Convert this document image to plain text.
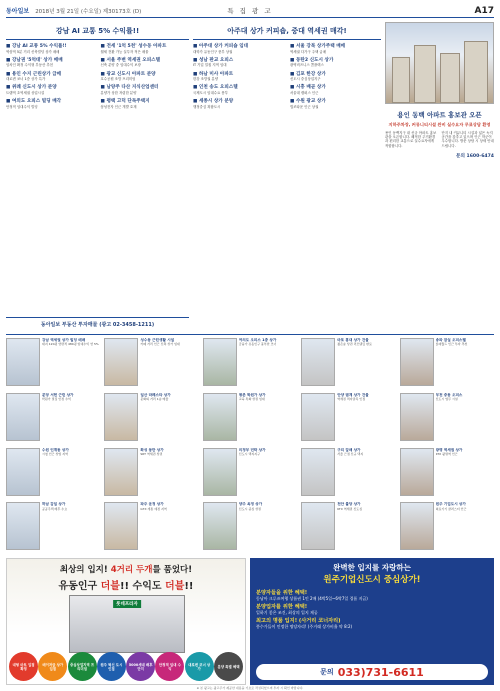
동아일보 2018년 3월 21일 (수요일) 제30173호 (D)	특 집 광 고	A17
강남 AI 교통 5% 수익률!!
■ 강남 AI 교통 5% 수익률!!
역삼역 5분 거리 신축빌딩 상가 매매
■ 전세 '1억 5천' 성수동 아파트
월세 전환 가능 실투자 적은 매물
■ 강남권 '5억대' 상가 매매
임차인 확정 수익형 부동산 추천
■ 서울 주변 역세권 오피스텔
신축 분양 중 임대수익 보장
■ 용인 수지 근린상가 급매
대로변 코너 1층 상가 특가
■ 광교 신도시 아파트 분양
호수공원 조망 프리미엄
■ 위례 신도시 상가 분양
트램역 초역세권 상업시설
■ 남양주 다산 지식산업센터
분양가 상한 저렴한 분양
■ 여의도 오피스 빌딩 매각
안정적 임대수익 빌딩
■ 평택 고덕 단독주택지
삼성전자 인근 개발 호재
동아일보 부동산 투자매물 (광고 02-3458-1211)
아주대 상가 커피숍, 중대 역세권 매각!
■ 아주대 상가 커피숍 임대
대학가 유동인구 풍부 상권
■ 서울 강북 상가주택 매매
역세권 다가구 주택 급매
■ 성남 판교 오피스
IT 기업 밀집 지역 임대
■ 동탄2 신도시 상가
광역비즈니스 콤플렉스
■ 하남 미사 아파트
한강 조망권 분양
■ 김포 한강 상가
신도시 중심상업지구
■ 인천 송도 오피스텔
국제도시 임대수요 풍부
■ 시흥 배곧 상가
서울대 캠퍼스 인근
■ 세종시 상가 분양
행정중심 복합도시
■ 수원 광교 상가
법조타운 인근 상권
용인 동백 아파트 홍보관 오픈
지하주차장, 커뮤니티시설 완비 실수요자 무료상담 환영
용인 동백지구 내 신규 아파트 홍보관을 오픈합니다. 쾌적한 주거환경과 편리한 교통으로 실수요자에게 적합합니다.
단지 내 커뮤니티 시설과 넓은 녹지 공간을 갖추고 있으며 인근 학군이 우수합니다. 방문 상담 시 상세 안내 드립니다.
문의 1600-6474
강남 역세권 상가 빌딩 매매
대지 120평 연면적 480평 임대수익 연 5%
성수동 근린생활 시설
카페 거리 인근 신축 상가 임대
여의도 오피스 1층 상가
금융가 유동인구 풍부한 코너
마포 홍대 상가 건물
젊은층 상권 리모델링 완료
송파 잠실 오피스텔
롯데월드 인근 투자 추천
분당 서현 근린 상가
학원가 밀집 안정 수익
일산 라페스타 상가
문화의 거리 1층 매물
평촌 학원가 상가
교육 특화 상권 임대
안양 범계 상가 건물
역세권 먹자골목 인접
부천 중동 오피스
신도시 업무 시설
수원 인계동 상가
시청 인근 상업 지역
화성 동탄 상가
SRT 역세권 상권
의정부 민락 상가
신도시 택지지구
구리 갈매 상가
서울 근접 신규 택지
광명 역세권 상가
KTX 광명역 인근
하남 감일 상가
공공주택 배후 수요
파주 운정 상가
GTX 개통 예정 지역
양주 옥정 상가
신도시 중심 상권
천안 불당 상가
KTX 역세권 신도심
원주 기업도시 상가
의료기기 클러스터 인근
최상의 입지! 4거리 두개를 품었다!
유동인구 더블!! 수익도 더블!!
롯데프라자
대형 마트 입점 확정
메이저급 상가 입점
중심상업지역 프리미엄
원주 혁신 도시 인접
5000세대 배후단지
안정적 임대 수익
대로변 코너 상가	분양 특별 혜택
완벽한 입지를 자랑하는
원주기업신도시 중심상가!
분양자들을 위한 혜택!
동남아 크루즈여행 상품권 1인 2매 (4박5일~6박7일 경품 지급)
분양업자를 위한 혜택!
일하기 좋은 조건, 최상의 입지 제공
최고의 명품 입지! (사거리 코너자리)
풍수가들이 인정한 명당자리! (주거래 상가비율 약 8:2)
문의 033)731-6611
※ 본 광고는 광고주가 제공한 내용을 기초로 작성되었으며 투자 시 확인 바랍니다.
